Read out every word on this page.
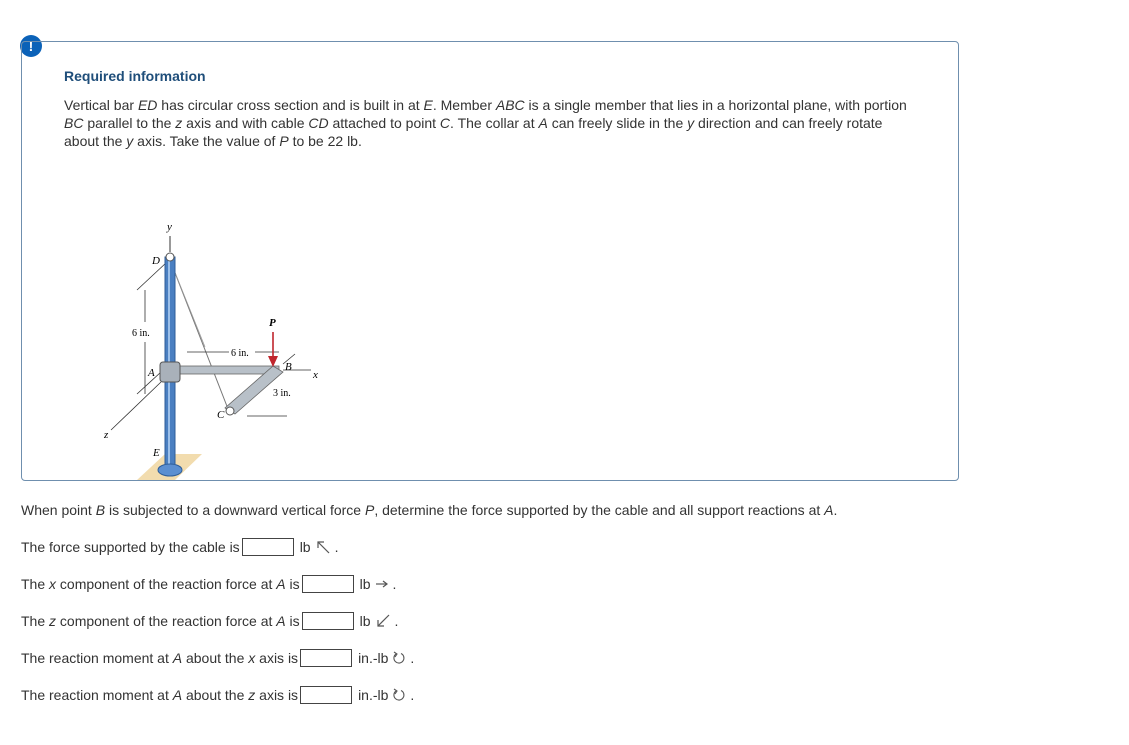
!
Required information
Vertical bar ED has circular cross section and is built in at E. Member ABC is a single member that lies in a horizontal plane, with portion BC parallel to the z axis and with cable CD attached to point C. The collar at A can freely slide in the y direction and can freely rotate about the y axis. Take the value of P to be 22 lb.
y
D
6 in.
P
6 in.
A	B
x
3 in.
C
z
E
When point B is subjected to a downward vertical force P, determine the force supported by the cable and all support reactions at A.
The force supported by the cable is	lb .
The x component of the reaction force at A is	lb .
The z component of the reaction force at A is	lb .
The reaction moment at A about the x axis is	in.-lb .
The reaction moment at A about the z axis is	in.-lb .
